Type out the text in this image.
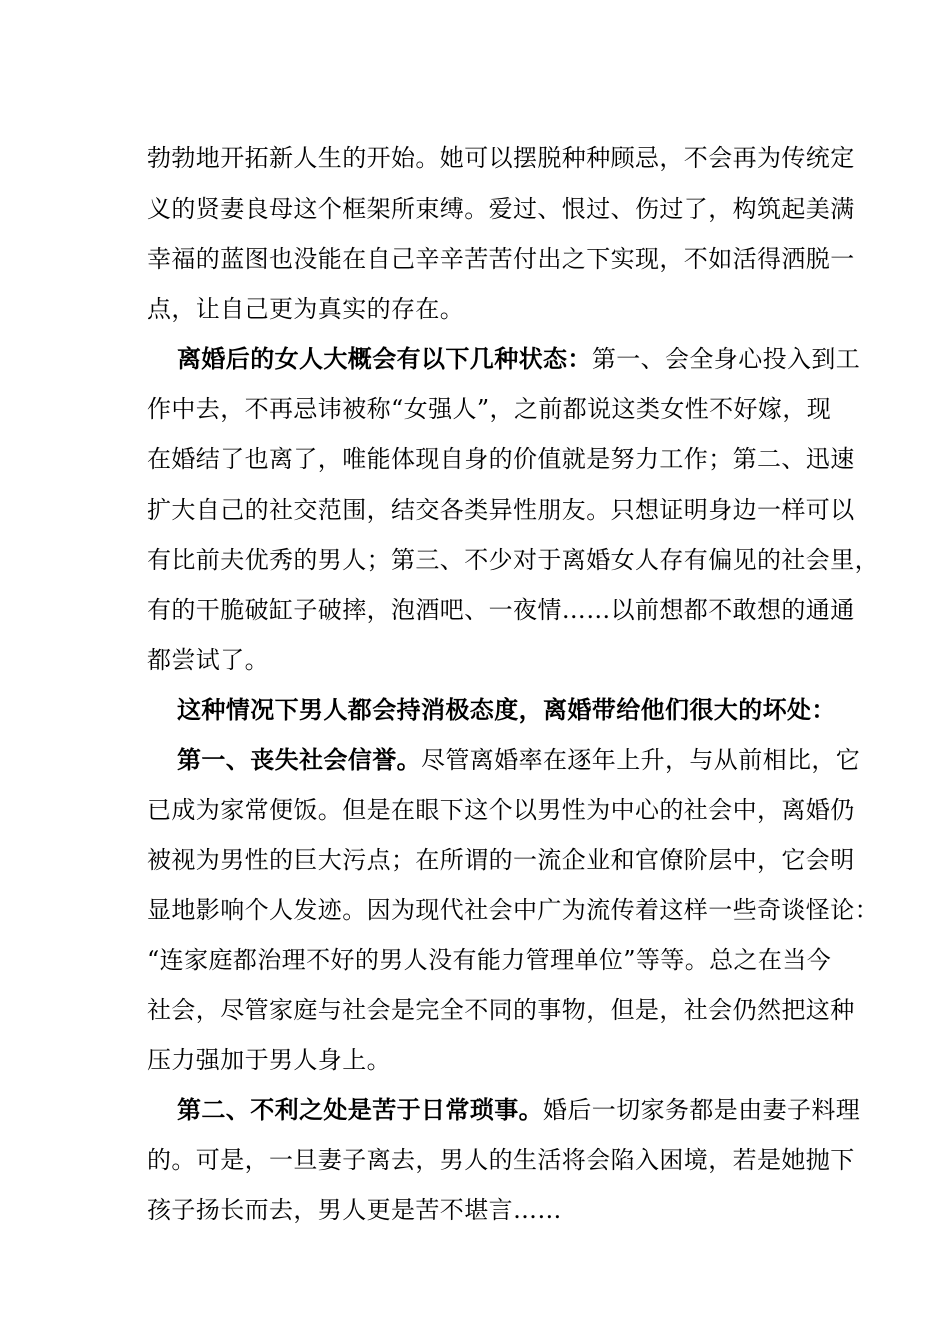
勃勃地开拓新人生的开始。她可以摆脱种种顾忌，不会再为传统定
义的贤妻良母这个框架所束缚。爱过、恨过、伤过了，构筑起美满
幸福的蓝图也没能在自己辛辛苦苦付出之下实现，不如活得洒脱一
点，让自己更为真实的存在。
离婚后的女人大概会有以下几种状态：第一、会全身心投入到工
作中去，不再忌讳被称“女强人”，之前都说这类女性不好嫁，现
在婚结了也离了，唯能体现自身的价值就是努力工作；第二、迅速
扩大自己的社交范围，结交各类异性朋友。只想证明身边一样可以
有比前夫优秀的男人；第三、不少对于离婚女人存有偏见的社会里，
有的干脆破缸子破摔，泡酒吧、一夜情……以前想都不敢想的通通
都尝试了。
这种情况下男人都会持消极态度，离婚带给他们很大的坏处：
第一、丧失社会信誉。尽管离婚率在逐年上升，与从前相比，它
已成为家常便饭。但是在眼下这个以男性为中心的社会中，离婚仍
被视为男性的巨大污点；在所谓的一流企业和官僚阶层中，它会明
显地影响个人发迹。因为现代社会中广为流传着这样一些奇谈怪论：
“连家庭都治理不好的男人没有能力管理单位”等等。总之在当今
社会，尽管家庭与社会是完全不同的事物，但是，社会仍然把这种
压力强加于男人身上。
第二、不利之处是苦于日常琐事。婚后一切家务都是由妻子料理
的。可是，一旦妻子离去，男人的生活将会陷入困境，若是她抛下
孩子扬长而去，男人更是苦不堪言……
